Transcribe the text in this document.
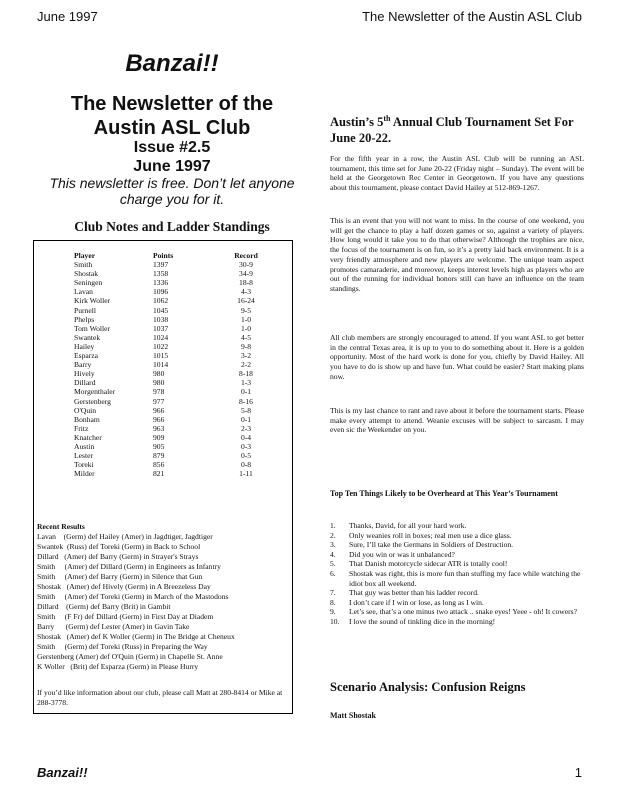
June 1997	The Newsletter of the Austin ASL Club
Banzai!!
The Newsletter of the
Austin ASL Club
Issue #2.5
June 1997
This newsletter is free. Don’t let anyone
charge you for it.
Club Notes and Ladder Standings
Player	Points	Record
Smith	1397	30-9
Shostak	1358	34-9
Seningen	1336	18-8
Lavan	1096	4-3
Kirk Woller	1062	16-24
Purnell	1045	9-5
Phelps	1038	1-0
Tom Woller	1037	1-0
Swantek	1024	4-5
Hailey	1022	9-8
Esparza	1015	3-2
Barry	1014	2-2
Hively	980	8-18
Dillard	980	1-3
Morgenthaler	978	0-1
Gerstenberg	977	8-16
O'Quin	966	5-8
Bonham	966	0-1
Fritz	963	2-3
Knatcher	909	0-4
Austin	905	0-3
Lester	879	0-5
Toreki	856	0-8
Milder	821	1-11
Recent Results
Lavan    (Germ) def Hailey (Amer) in Jagdtiger, Jagdtiger
Swantek  (Russ) def Toreki (Germ) in Back to School
Dillard   (Amer) def Barry (Germ) in Strayer's Strays
Smith     (Amer) def Dillard (Germ) in Engineers as Infantry
Smith     (Amer) def Barry (Germ) in Silence that Gun
Shostak   (Amer) def Hively (Germ) in A Breezeless Day
Smith     (Amer) def Toreki (Germ) in March of the Mastodons
Dillard    (Germ) def Barry (Brit) in Gambit
Smith     (F Fr) def Dillard (Germ) in First Day at Diadem
Barry      (Germ) def Lester (Amer) in Gavin Take
Shostak   (Amer) def K Woller (Germ) in The Bridge at Cheneux
Smith     (Germ) def Toreki (Russ) in Preparing the Way
Gerstenberg (Amer) def O'Quin (Germ) in Chapelle St. Anne
K Woller   (Brit) def Esparza (Germ) in Please Hurry
If you’d like information about our club, please call Matt at 280-8414 or Mike at 288-3778.
Austin’s 5th Annual Club Tournament Set For June 20-22.
For the fifth year in a row, the Austin ASL Club will be running an ASL tournament, this time set for June 20-22 (Friday night – Sunday). The event will be held at the Georgetown Rec Center in Georgetown. If you have any questions about this tournament, please contact David Hailey at 512-869-1267.
This is an event that you will not want to miss. In the course of one weekend, you will get the chance to play a half dozen games or so, against a variety of players. How long would it take you to do that otherwise? Although the trophies are nice, the focus of the tournament is on fun, so it’s a pretty laid back environment. It is a very friendly atmosphere and new players are welcome. The unique team aspect promotes camaraderie, and moreover, keeps interest levels high as players who are out of the running for individual honors still can have an influence on the team standings.
All club members are strongly encouraged to attend. If you want ASL to get better in the central Texas area, it is up to you to do something about it. Here is a golden opportunity. Most of the hard work is done for you, chiefly by David Hailey. All you have to do is show up and have fun. What could be easier? Start making plans now.
This is my last chance to rant and rave about it before the tournament starts. Please make every attempt to attend. Weanie excuses will be subject to sarcasm. I may even sic the Weekender on you.
Top Ten Things Likely to be Overheard at This Year’s Tournament
1.	Thanks, David, for all your hard work.
2.	Only weanies roll in boxes; real men use a dice glass.
3.	Sure, I’ll take the Germans in Soldiers of Destruction.
4.	Did you win or was it unbalanced?
5.	That Danish motorcycle sidecar ATR is totally cool!
6.	Shostak was right, this is more fun than stuffing my face while watching the idiot box all weekend.
7.	That guy was better than his ladder record.
8.	I don’t care if I win or lose, as long as I win.
9.	Let’s see, that’s a one minus two attack .. snake eyes! Yeee - oh! It cowers?
10.	I love the sound of tinkling dice in the morning!
Scenario Analysis: Confusion Reigns
Matt Shostak
Banzai!!	1
